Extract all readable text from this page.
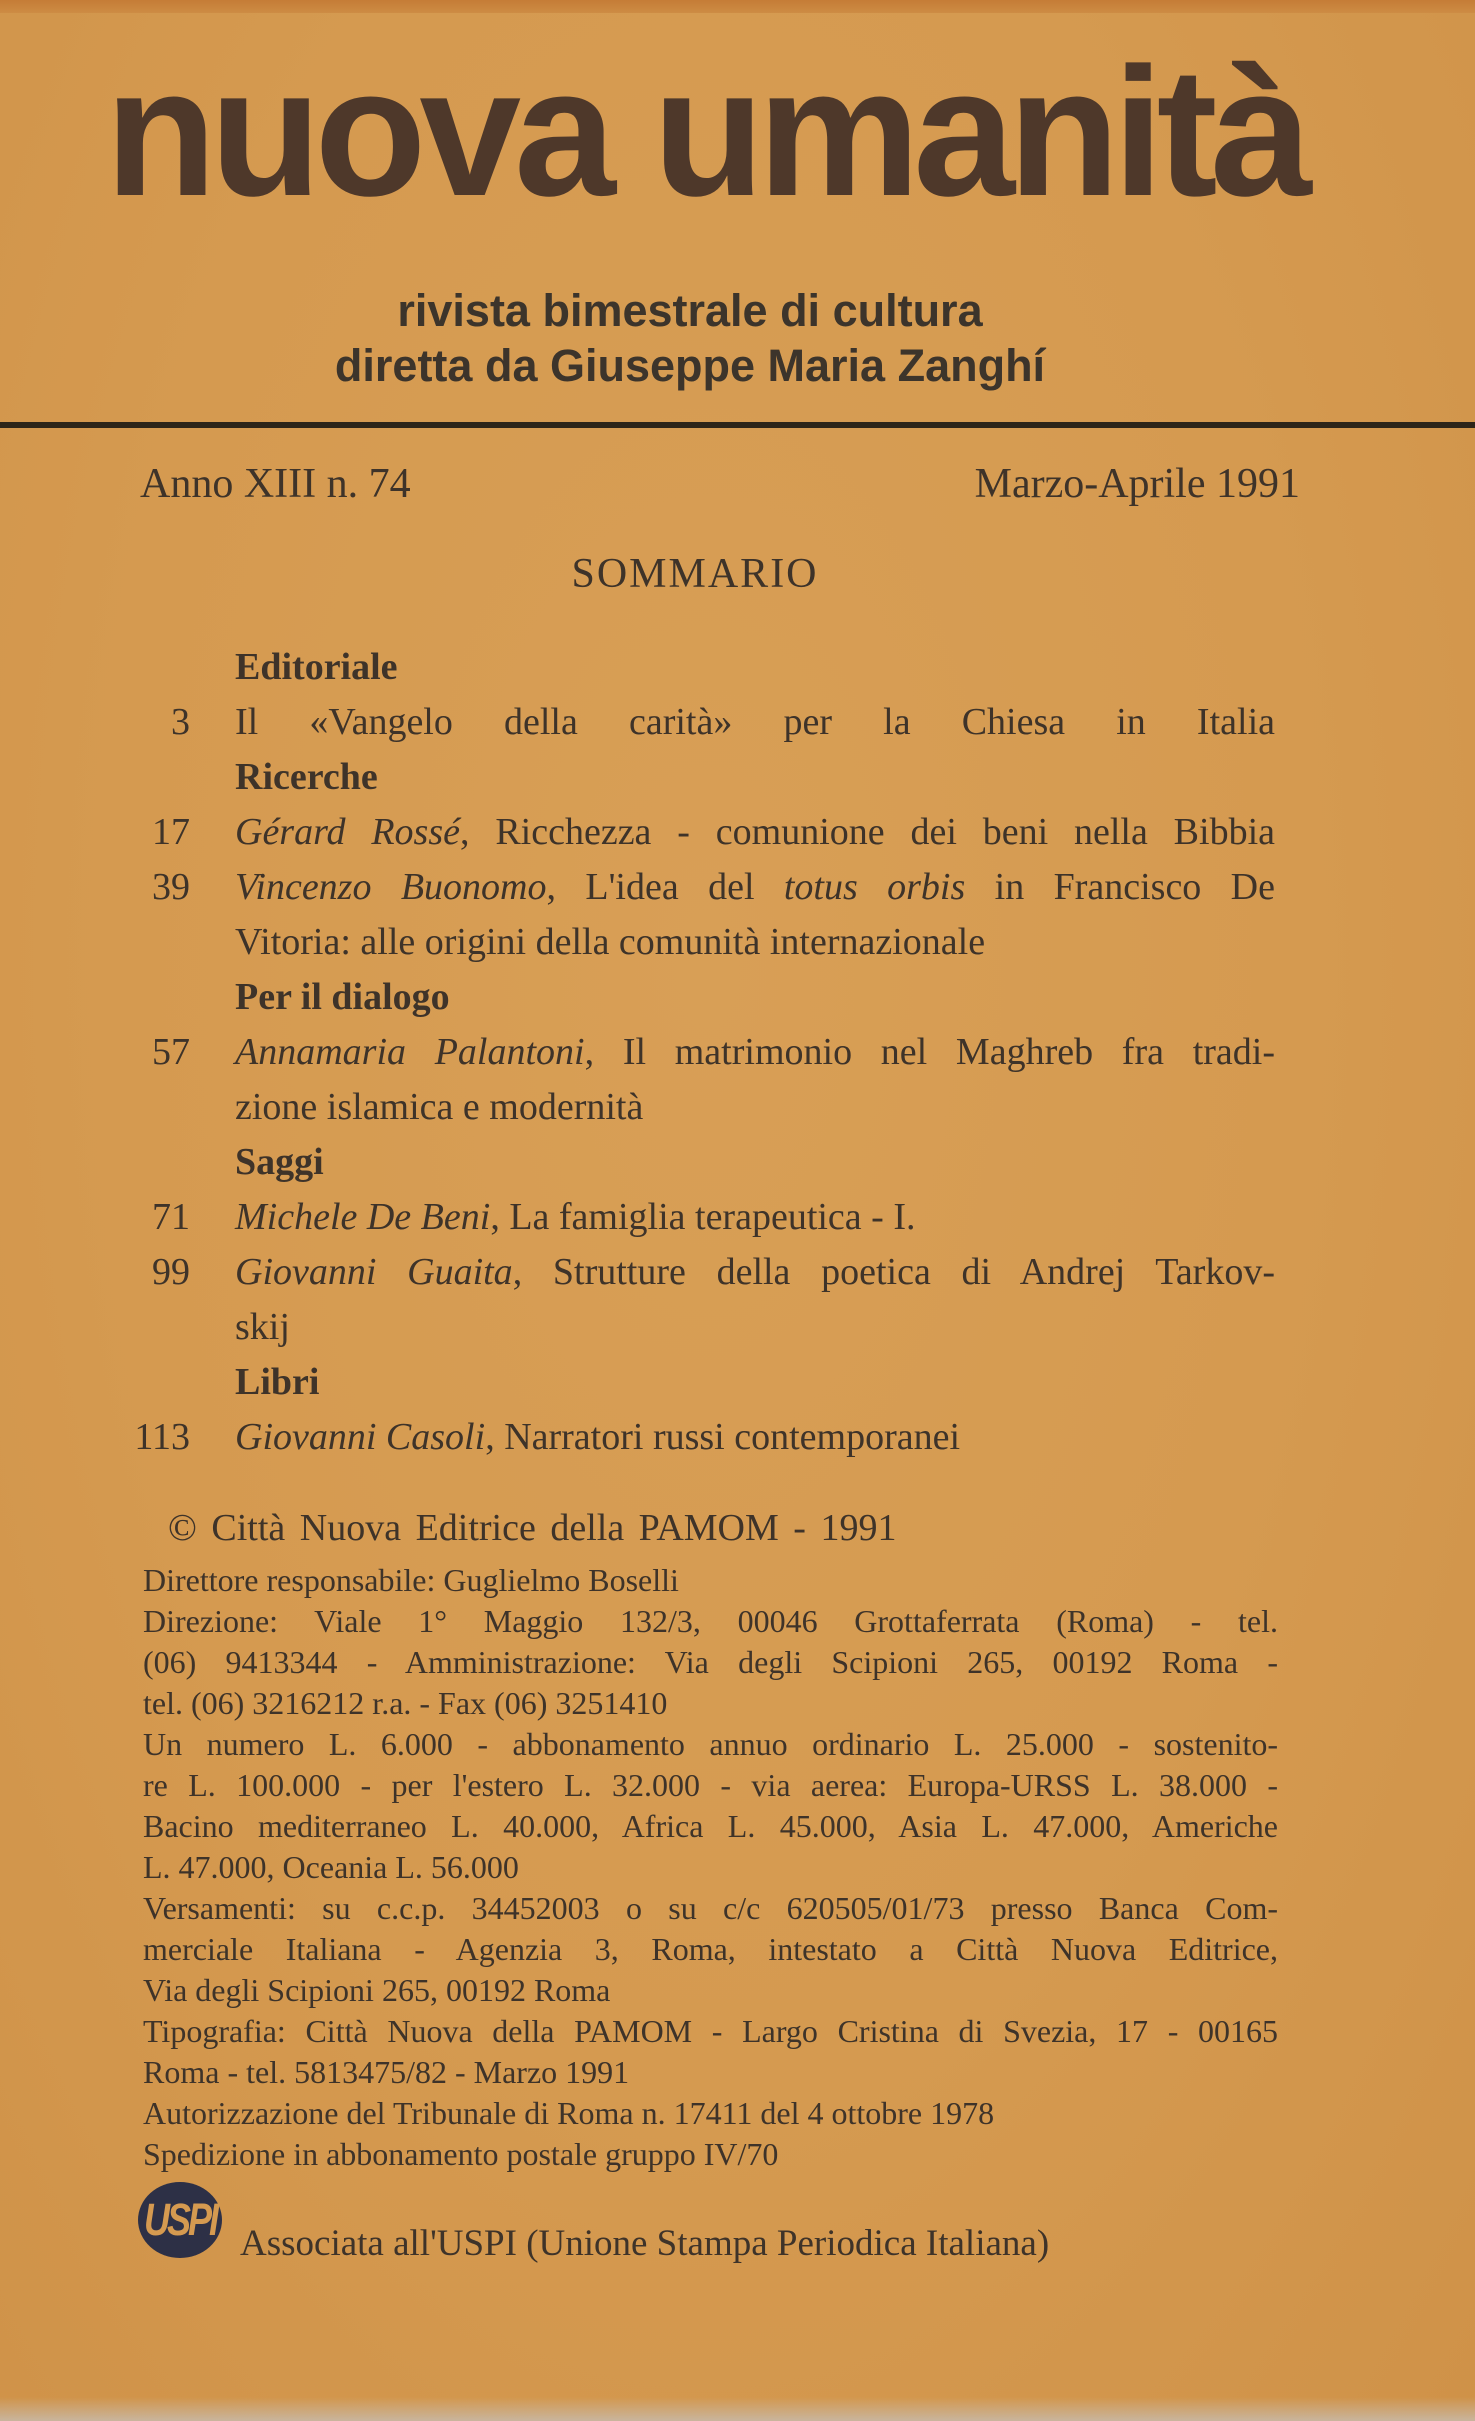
nuova umanità
rivista bimestrale di cultura
diretta da Giuseppe Maria Zanghí
Anno XIII n. 74	Marzo-Aprile 1991
SOMMARIO
Editoriale
3 Il «Vangelo della carità» per la Chiesa in Italia
Ricerche
17 Gérard Rossé, Ricchezza - comunione dei beni nella Bibbia
39 Vincenzo Buonomo, L'idea del totus orbis in Francisco De
Vitoria: alle origini della comunità internazionale
Per il dialogo
57 Annamaria Palantoni, Il matrimonio nel Maghreb fra tradi-
zione islamica e modernità
Saggi
71 Michele De Beni, La famiglia terapeutica - I.
99 Giovanni Guaita, Strutture della poetica di Andrej Tarkov-
skij
Libri
113 Giovanni Casoli, Narratori russi contemporanei
© Città Nuova Editrice della PAMOM - 1991
Direttore responsabile: Guglielmo Boselli
Direzione: Viale 1° Maggio 132/3, 00046 Grottaferrata (Roma) - tel.
(06) 9413344 - Amministrazione: Via degli Scipioni 265, 00192 Roma -
tel. (06) 3216212 r.a. - Fax (06) 3251410
Un numero L. 6.000 - abbonamento annuo ordinario L. 25.000 - sostenito-
re L. 100.000 - per l'estero L. 32.000 - via aerea: Europa-URSS L. 38.000 -
Bacino mediterraneo L. 40.000, Africa L. 45.000, Asia L. 47.000, Americhe
L. 47.000, Oceania L. 56.000
Versamenti: su c.c.p. 34452003 o su c/c 620505/01/73 presso Banca Com-
merciale Italiana - Agenzia 3, Roma, intestato a Città Nuova Editrice,
Via degli Scipioni 265, 00192 Roma
Tipografia: Città Nuova della PAMOM - Largo Cristina di Svezia, 17 - 00165
Roma - tel. 5813475/82 - Marzo 1991
Autorizzazione del Tribunale di Roma n. 17411 del 4 ottobre 1978
Spedizione in abbonamento postale gruppo IV/70
USPI Associata all'USPI (Unione Stampa Periodica Italiana)
